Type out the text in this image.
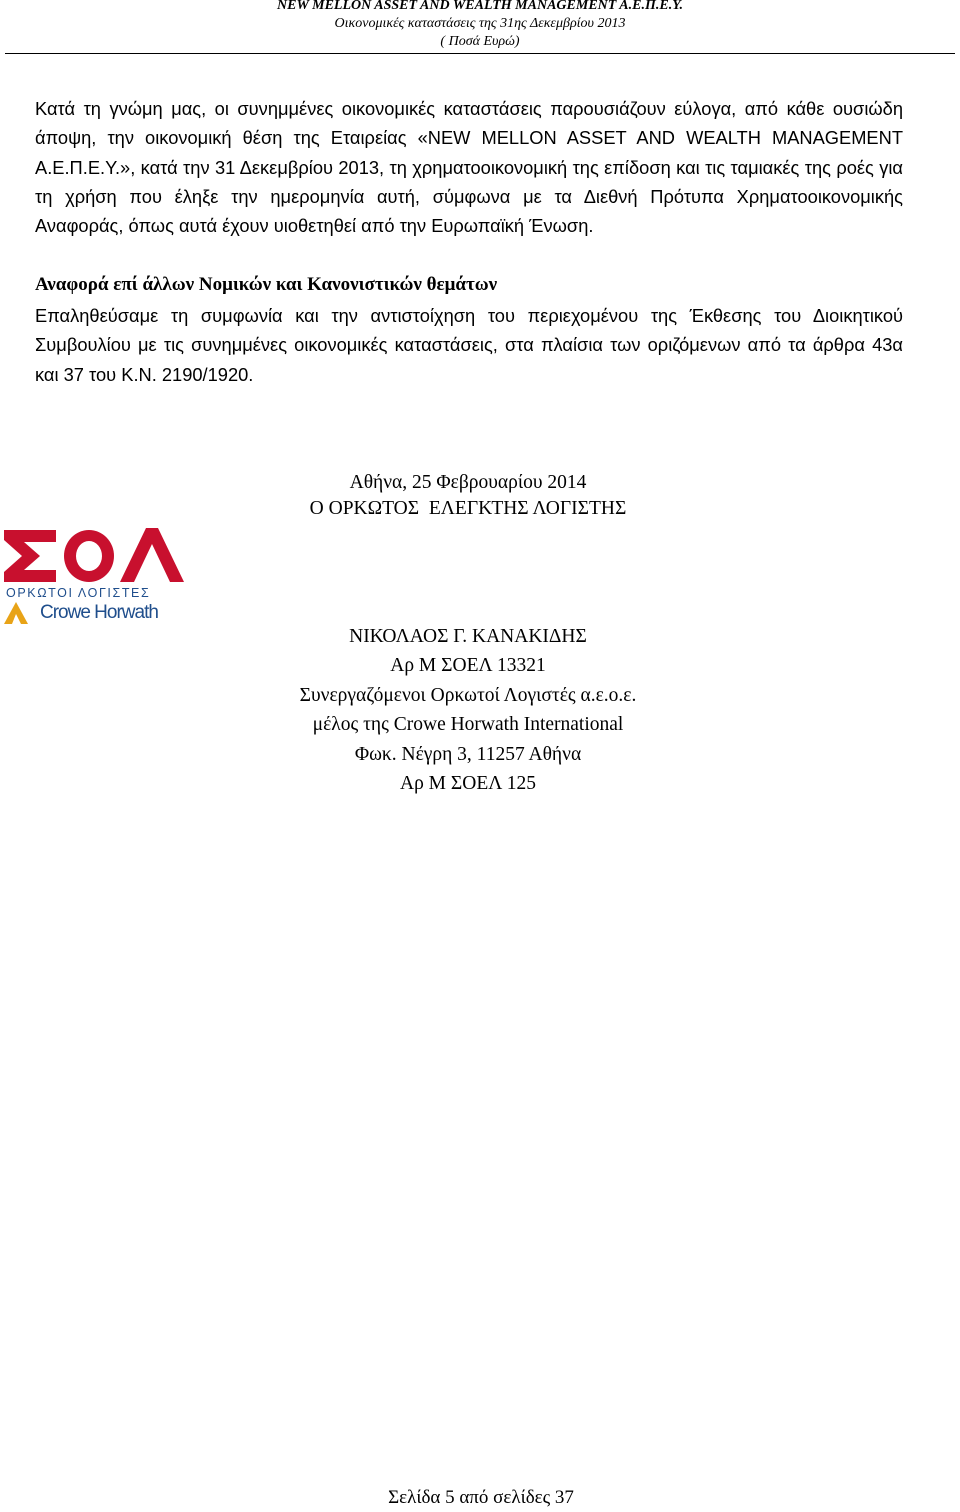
NEW MELLON ASSET AND WEALTH MANAGEMENT A.E.Π.Ε.Υ.
Οικονομικές καταστάσεις της 31ης Δεκεμβρίου 2013
( Ποσά Ευρώ)
Κατά τη γνώμη μας, οι συνημμένες οικονομικές καταστάσεις παρουσιάζουν εύλογα, από κάθε ουσιώδη άποψη, την οικονομική θέση της Εταιρείας «NEW MELLON ASSET AND WEALTH MANAGEMENT A.E.Π.Ε.Υ.», κατά την 31 Δεκεμβρίου 2013, τη χρηματοοικονομική της επίδοση και τις ταμιακές της ροές για τη χρήση που έληξε την ημερομηνία αυτή, σύμφωνα με τα Διεθνή Πρότυπα Χρηματοοικονομικής Αναφοράς, όπως αυτά έχουν υιοθετηθεί από την Ευρωπαϊκή Ένωση.
Αναφορά επί άλλων Νομικών και Κανονιστικών θεμάτων
Επαληθεύσαμε τη συμφωνία και την αντιστοίχηση του περιεχομένου της Έκθεσης του Διοικητικού Συμβουλίου με τις συνημμένες οικονομικές καταστάσεις, στα πλαίσια των οριζόμενων από τα άρθρα 43α και 37 του Κ.Ν. 2190/1920.
Αθήνα, 25 Φεβρουαρίου 2014
Ο ΟΡΚΩΤΟΣ  ΕΛΕΓΚΤΗΣ ΛΟΓΙΣΤΗΣ
ΟΡΚΩΤΟΙ ΛΟΓΙΣΤΕΣ
Crowe Horwath
ΝΙΚΟΛΑΟΣ Γ. ΚΑΝΑΚΙΔΗΣ
Αρ Μ ΣΟΕΛ 13321
Συνεργαζόμενοι Ορκωτοί Λογιστές α.ε.ο.ε.
μέλος της Crowe Horwath International
Φωκ. Νέγρη 3, 11257 Αθήνα
Αρ Μ ΣΟΕΛ 125
Σελίδα 5 από σελίδες 37
